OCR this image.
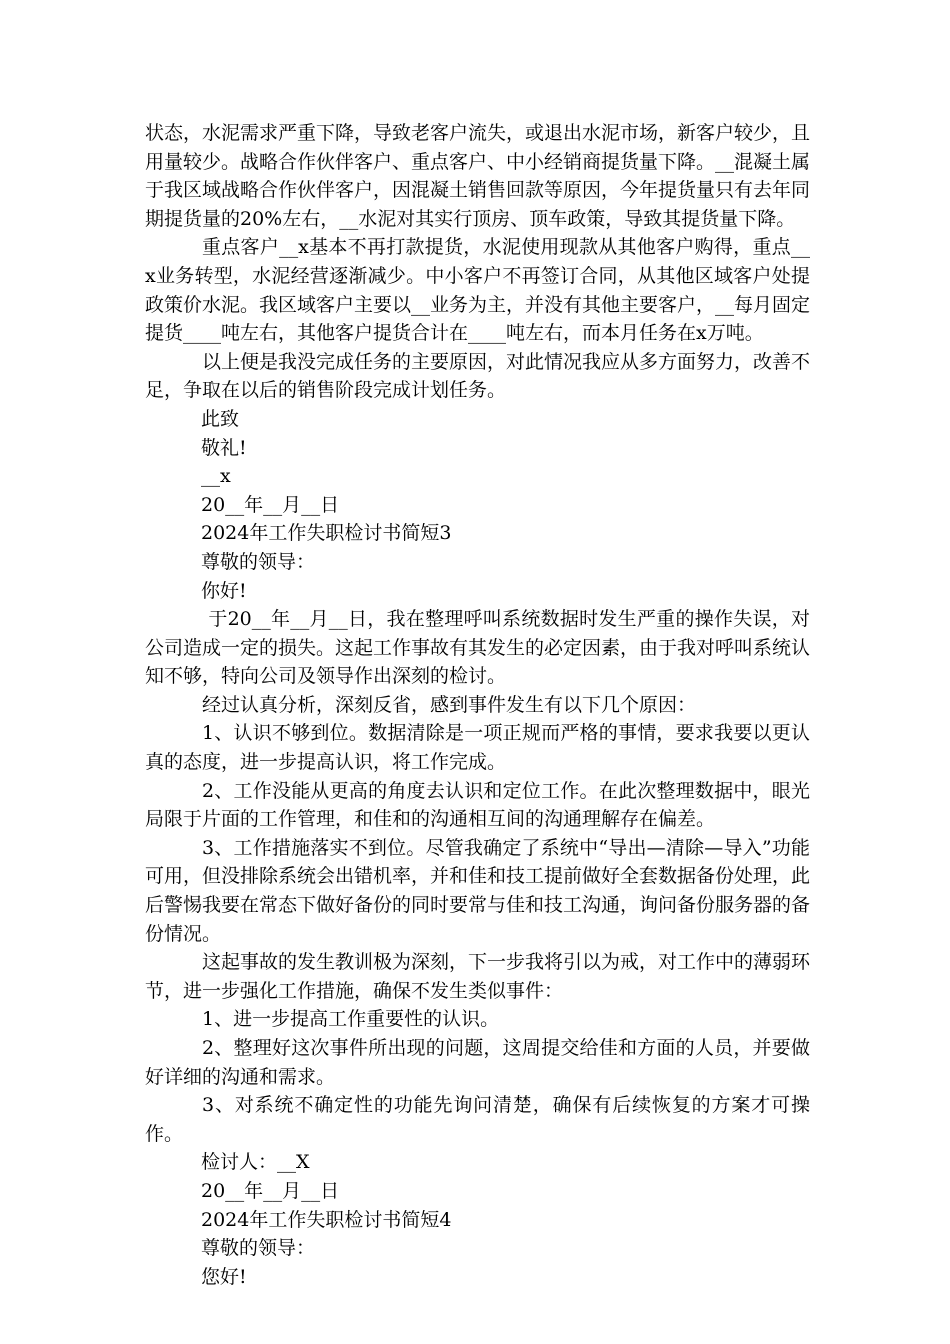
状态，水泥需求严重下降，导致老客户流失，或退出水泥市场，新客户较少，且用量较少。战略合作伙伴客户、重点客户、中小经销商提货量下降。__混凝土属于我区域战略合作伙伴客户，因混凝土销售回款等原因，今年提货量只有去年同期提货量的20%左右，__水泥对其实行顶房、顶车政策，导致其提货量下降。

重点客户__x基本不再打款提货，水泥使用现款从其他客户购得，重点__x业务转型，水泥经营逐渐减少。中小客户不再签订合同，从其他区域客户处提政策价水泥。我区域客户主要以__业务为主，并没有其他主要客户，__每月固定提货____吨左右，其他客户提货合计在____吨左右，而本月任务在x万吨。

以上便是我没完成任务的主要原因，对此情况我应从多方面努力，改善不足，争取在以后的销售阶段完成计划任务。

此致

敬礼!

__x

20__年__月__日

2024年工作失职检讨书简短3

尊敬的领导：

你好!

于20__年__月__日，我在整理呼叫系统数据时发生严重的操作失误，对公司造成一定的损失。这起工作事故有其发生的必定因素，由于我对呼叫系统认知不够，特向公司及领导作出深刻的检讨。

经过认真分析，深刻反省，感到事件发生有以下几个原因：

1、认识不够到位。数据清除是一项正规而严格的事情，要求我要以更认真的态度，进一步提高认识，将工作完成。

2、工作没能从更高的角度去认识和定位工作。在此次整理数据中，眼光局限于片面的工作管理，和佳和的沟通相互间的沟通理解存在偏差。

3、工作措施落实不到位。尽管我确定了系统中“导出—清除—导入”功能可用，但没排除系统会出错机率，并和佳和技工提前做好全套数据备份处理，此后警惕我要在常态下做好备份的同时要常与佳和技工沟通，询问备份服务器的备份情况。

这起事故的发生教训极为深刻，下一步我将引以为戒，对工作中的薄弱环节，进一步强化工作措施，确保不发生类似事件：

1、进一步提高工作重要性的认识。

2、整理好这次事件所出现的问题，这周提交给佳和方面的人员，并要做好详细的沟通和需求。

3、对系统不确定性的功能先询问清楚，确保有后续恢复的方案才可操作。

检讨人：__X

20__年__月__日

2024年工作失职检讨书简短4

尊敬的领导：

您好!
